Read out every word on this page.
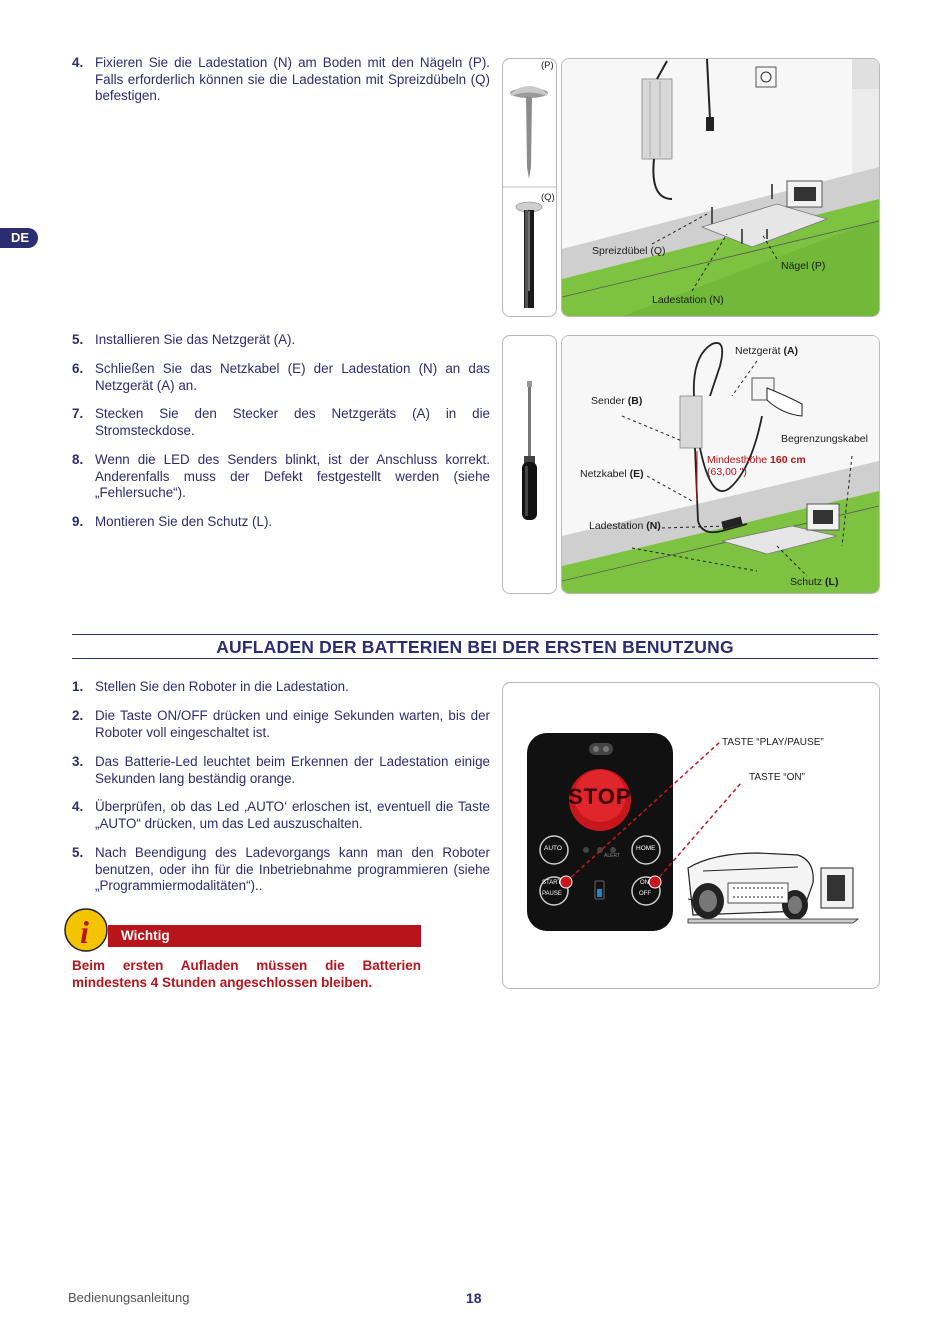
DE
4. Fixieren Sie die Ladestation (N) am Boden mit den Nägeln (P). Falls erforderlich können sie die Ladestation mit Spreizdübeln (Q) befestigen.
(P)
(Q)
Spreizdübel (Q)
Nägel (P)
Ladestation (N)
5. Installieren Sie das Netzgerät (A).
6. Schließen Sie das Netzkabel (E) der Ladestation (N) an das Netzgerät (A) an.
7. Stecken Sie den Stecker des Netzgeräts (A) in die Stromsteckdose.
8. Wenn die LED des Senders blinkt, ist der Anschluss korrekt. Anderenfalls muss der Defekt festgestellt werden (siehe „Fehlersuche“).
9. Montieren Sie den Schutz (L).
Netzgerät (A)
Sender (B)
Begrenzungskabel
Mindesthöhe 160 cm
(63,00 ")
Netzkabel (E)
Ladestation (N)
Schutz (L)
AUFLADEN DER BATTERIEN BEI DER ERSTEN BENUTZUNG
1. Stellen Sie den Roboter in die Ladestation.
2. Die Taste ON/OFF drücken und einige Sekunden warten, bis der Roboter voll eingeschaltet ist.
3. Das Batterie-Led leuchtet beim Erkennen der Ladestation einige Sekunden lang beständig orange.
4. Überprüfen, ob das Led ‚AUTO‘ erloschen ist, eventuell die Taste „AUTO“ drücken, um das Led auszuschalten.
5. Nach Beendigung des Ladevorgangs kann man den Roboter benutzen, oder ihn für die Inbetriebnahme programmieren (siehe „Programmiermodalitäten“)..
STOP
AUTO	HOME
ALERT
START
PAUSE
ON
OFF
TASTE “PLAY/PAUSE”
TASTE “ON”
i	Wichtig
Beim ersten Aufladen müssen die Batterien mindestens 4 Stunden angeschlossen bleiben.
Bedienungsanleitung	18
